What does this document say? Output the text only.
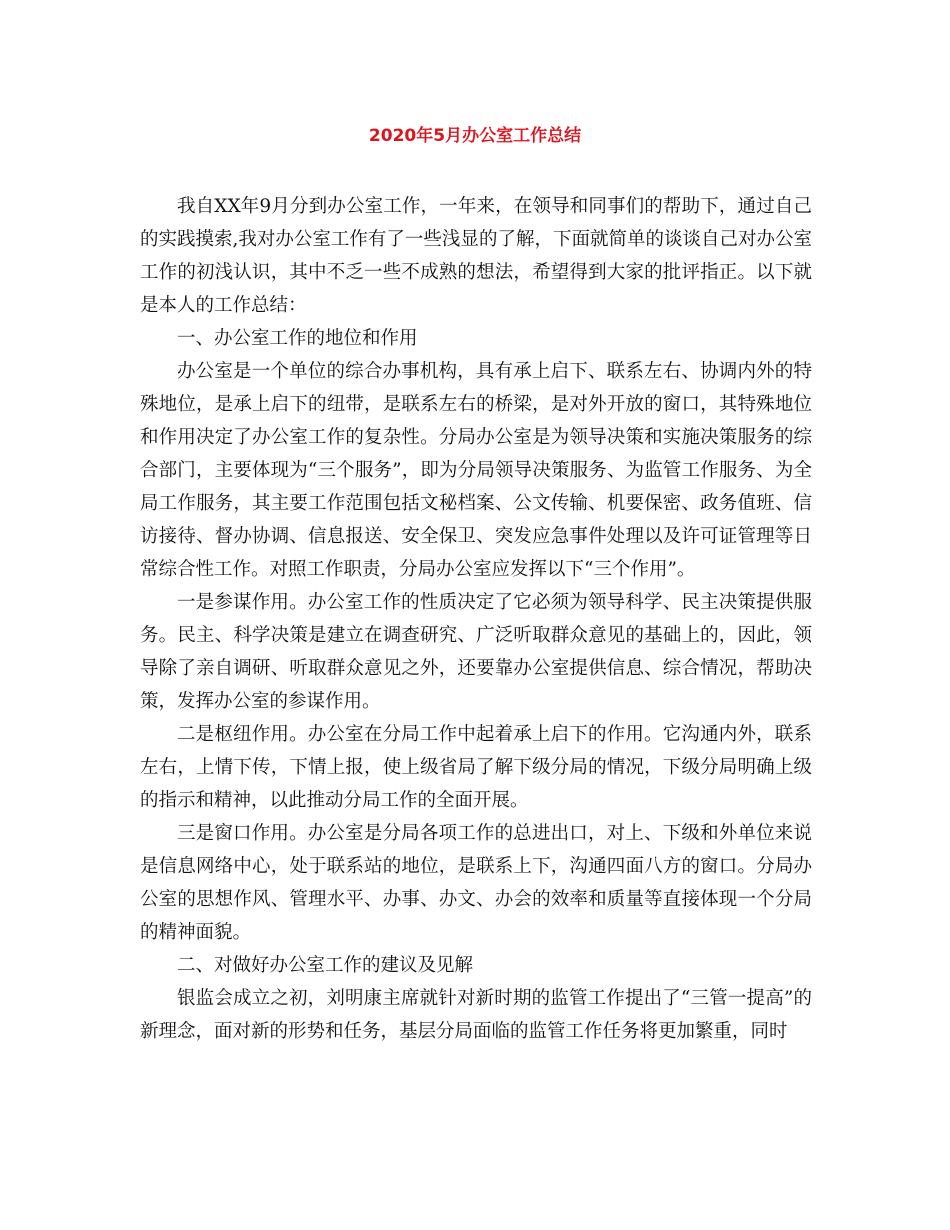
2020年5月办公室工作总结

我自XX年9月分到办公室工作，一年来，在领导和同事们的帮助下，通过自己的实践摸索,我对办公室工作有了一些浅显的了解，下面就简单的谈谈自己对办公室工作的初浅认识，其中不乏一些不成熟的想法，希望得到大家的批评指正。以下就是本人的工作总结：

一、办公室工作的地位和作用

办公室是一个单位的综合办事机构，具有承上启下、联系左右、协调内外的特殊地位，是承上启下的纽带，是联系左右的桥梁，是对外开放的窗口，其特殊地位和作用决定了办公室工作的复杂性。分局办公室是为领导决策和实施决策服务的综合部门，主要体现为“三个服务”，即为分局领导决策服务、为监管工作服务、为全局工作服务，其主要工作范围包括文秘档案、公文传输、机要保密、政务值班、信访接待、督办协调、信息报送、安全保卫、突发应急事件处理以及许可证管理等日常综合性工作。对照工作职责，分局办公室应发挥以下“三个作用”。

一是参谋作用。办公室工作的性质决定了它必须为领导科学、民主决策提供服务。民主、科学决策是建立在调查研究、广泛听取群众意见的基础上的，因此，领导除了亲自调研、听取群众意见之外，还要靠办公室提供信息、综合情况，帮助决策，发挥办公室的参谋作用。

二是枢纽作用。办公室在分局工作中起着承上启下的作用。它沟通内外，联系左右，上情下传，下情上报，使上级省局了解下级分局的情况，下级分局明确上级的指示和精神，以此推动分局工作的全面开展。

三是窗口作用。办公室是分局各项工作的总进出口，对上、下级和外单位来说是信息网络中心，处于联系站的地位，是联系上下，沟通四面八方的窗口。分局办公室的思想作风、管理水平、办事、办文、办会的效率和质量等直接体现一个分局的精神面貌。

二、对做好办公室工作的建议及见解

银监会成立之初，刘明康主席就针对新时期的监管工作提出了“三管一提高”的新理念，面对新的形势和任务，基层分局面临的监管工作任务将更加繁重，同时
